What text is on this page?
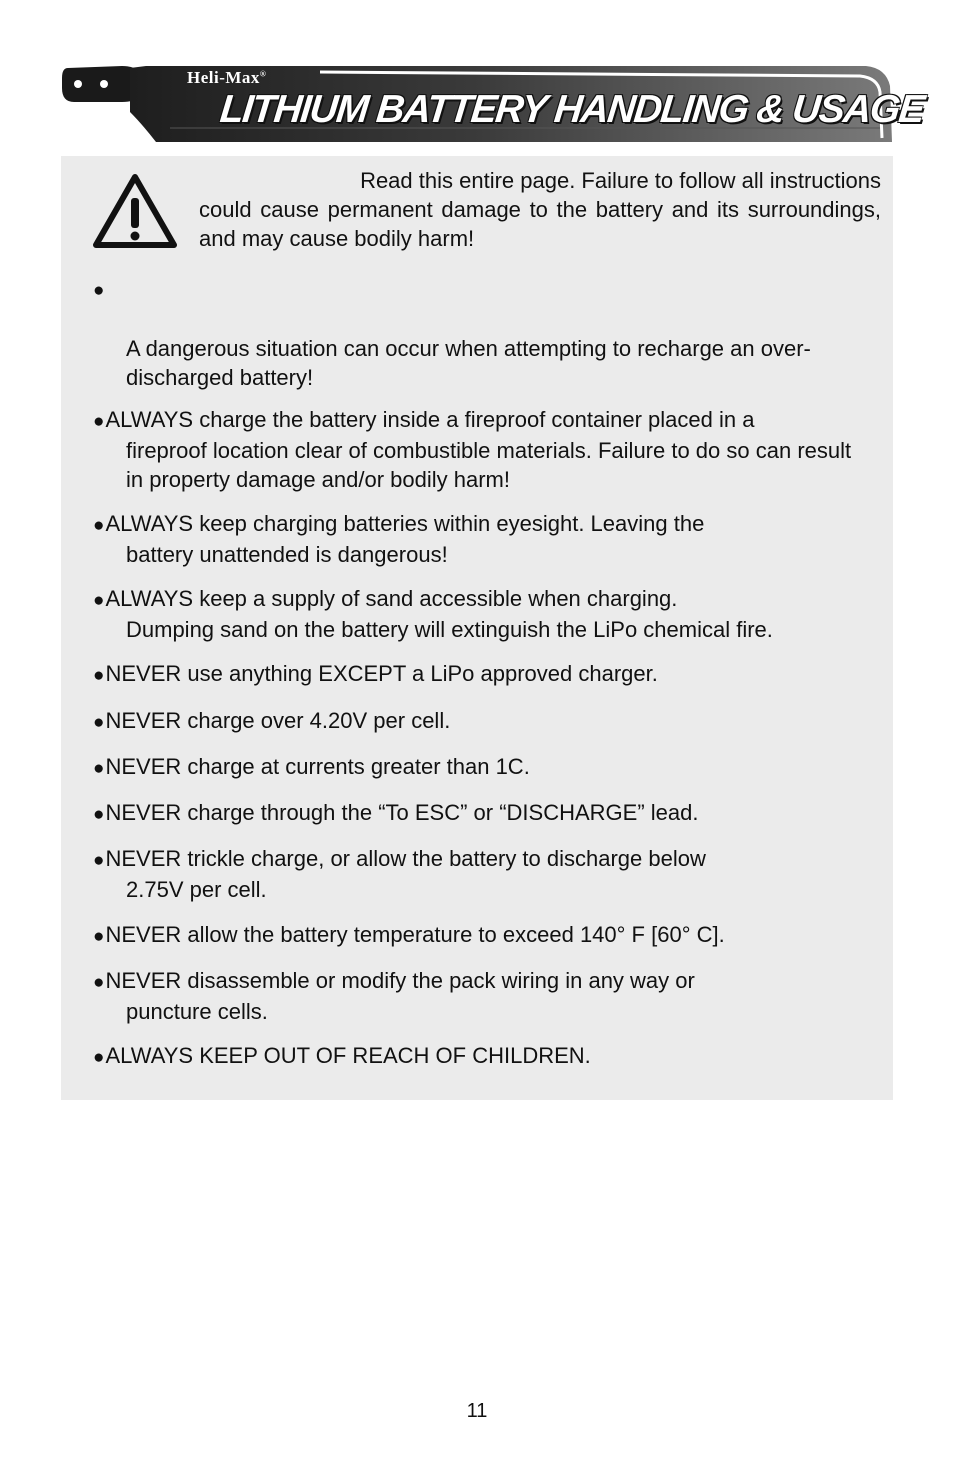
Heli-Max®
LITHIUM BATTERY HANDLING & USAGE
Read this entire page. Failure to follow all instructions
could cause permanent damage to the battery and its surroundings, and may cause bodily harm!
●
A dangerous situation can occur when attempting to recharge an over-discharged battery!
●ALWAYS charge the battery inside a fireproof container placed in a
fireproof location clear of combustible materials. Failure to do so can result in property damage and/or bodily harm!
●ALWAYS keep charging batteries within eyesight. Leaving the
battery unattended is dangerous!
●ALWAYS keep a supply of sand accessible when charging.
Dumping sand on the battery will extinguish the LiPo chemical fire.
●NEVER use anything EXCEPT a LiPo approved charger.
●NEVER charge over 4.20V per cell.
●NEVER charge at currents greater than 1C.
●NEVER charge through the “To ESC” or “DISCHARGE” lead.
●NEVER trickle charge, or allow the battery to discharge below
2.75V per cell.
●NEVER allow the battery temperature to exceed 140° F [60° C].
●NEVER disassemble or modify the pack wiring in any way or
puncture cells.
●ALWAYS KEEP OUT OF REACH OF CHILDREN.
11
